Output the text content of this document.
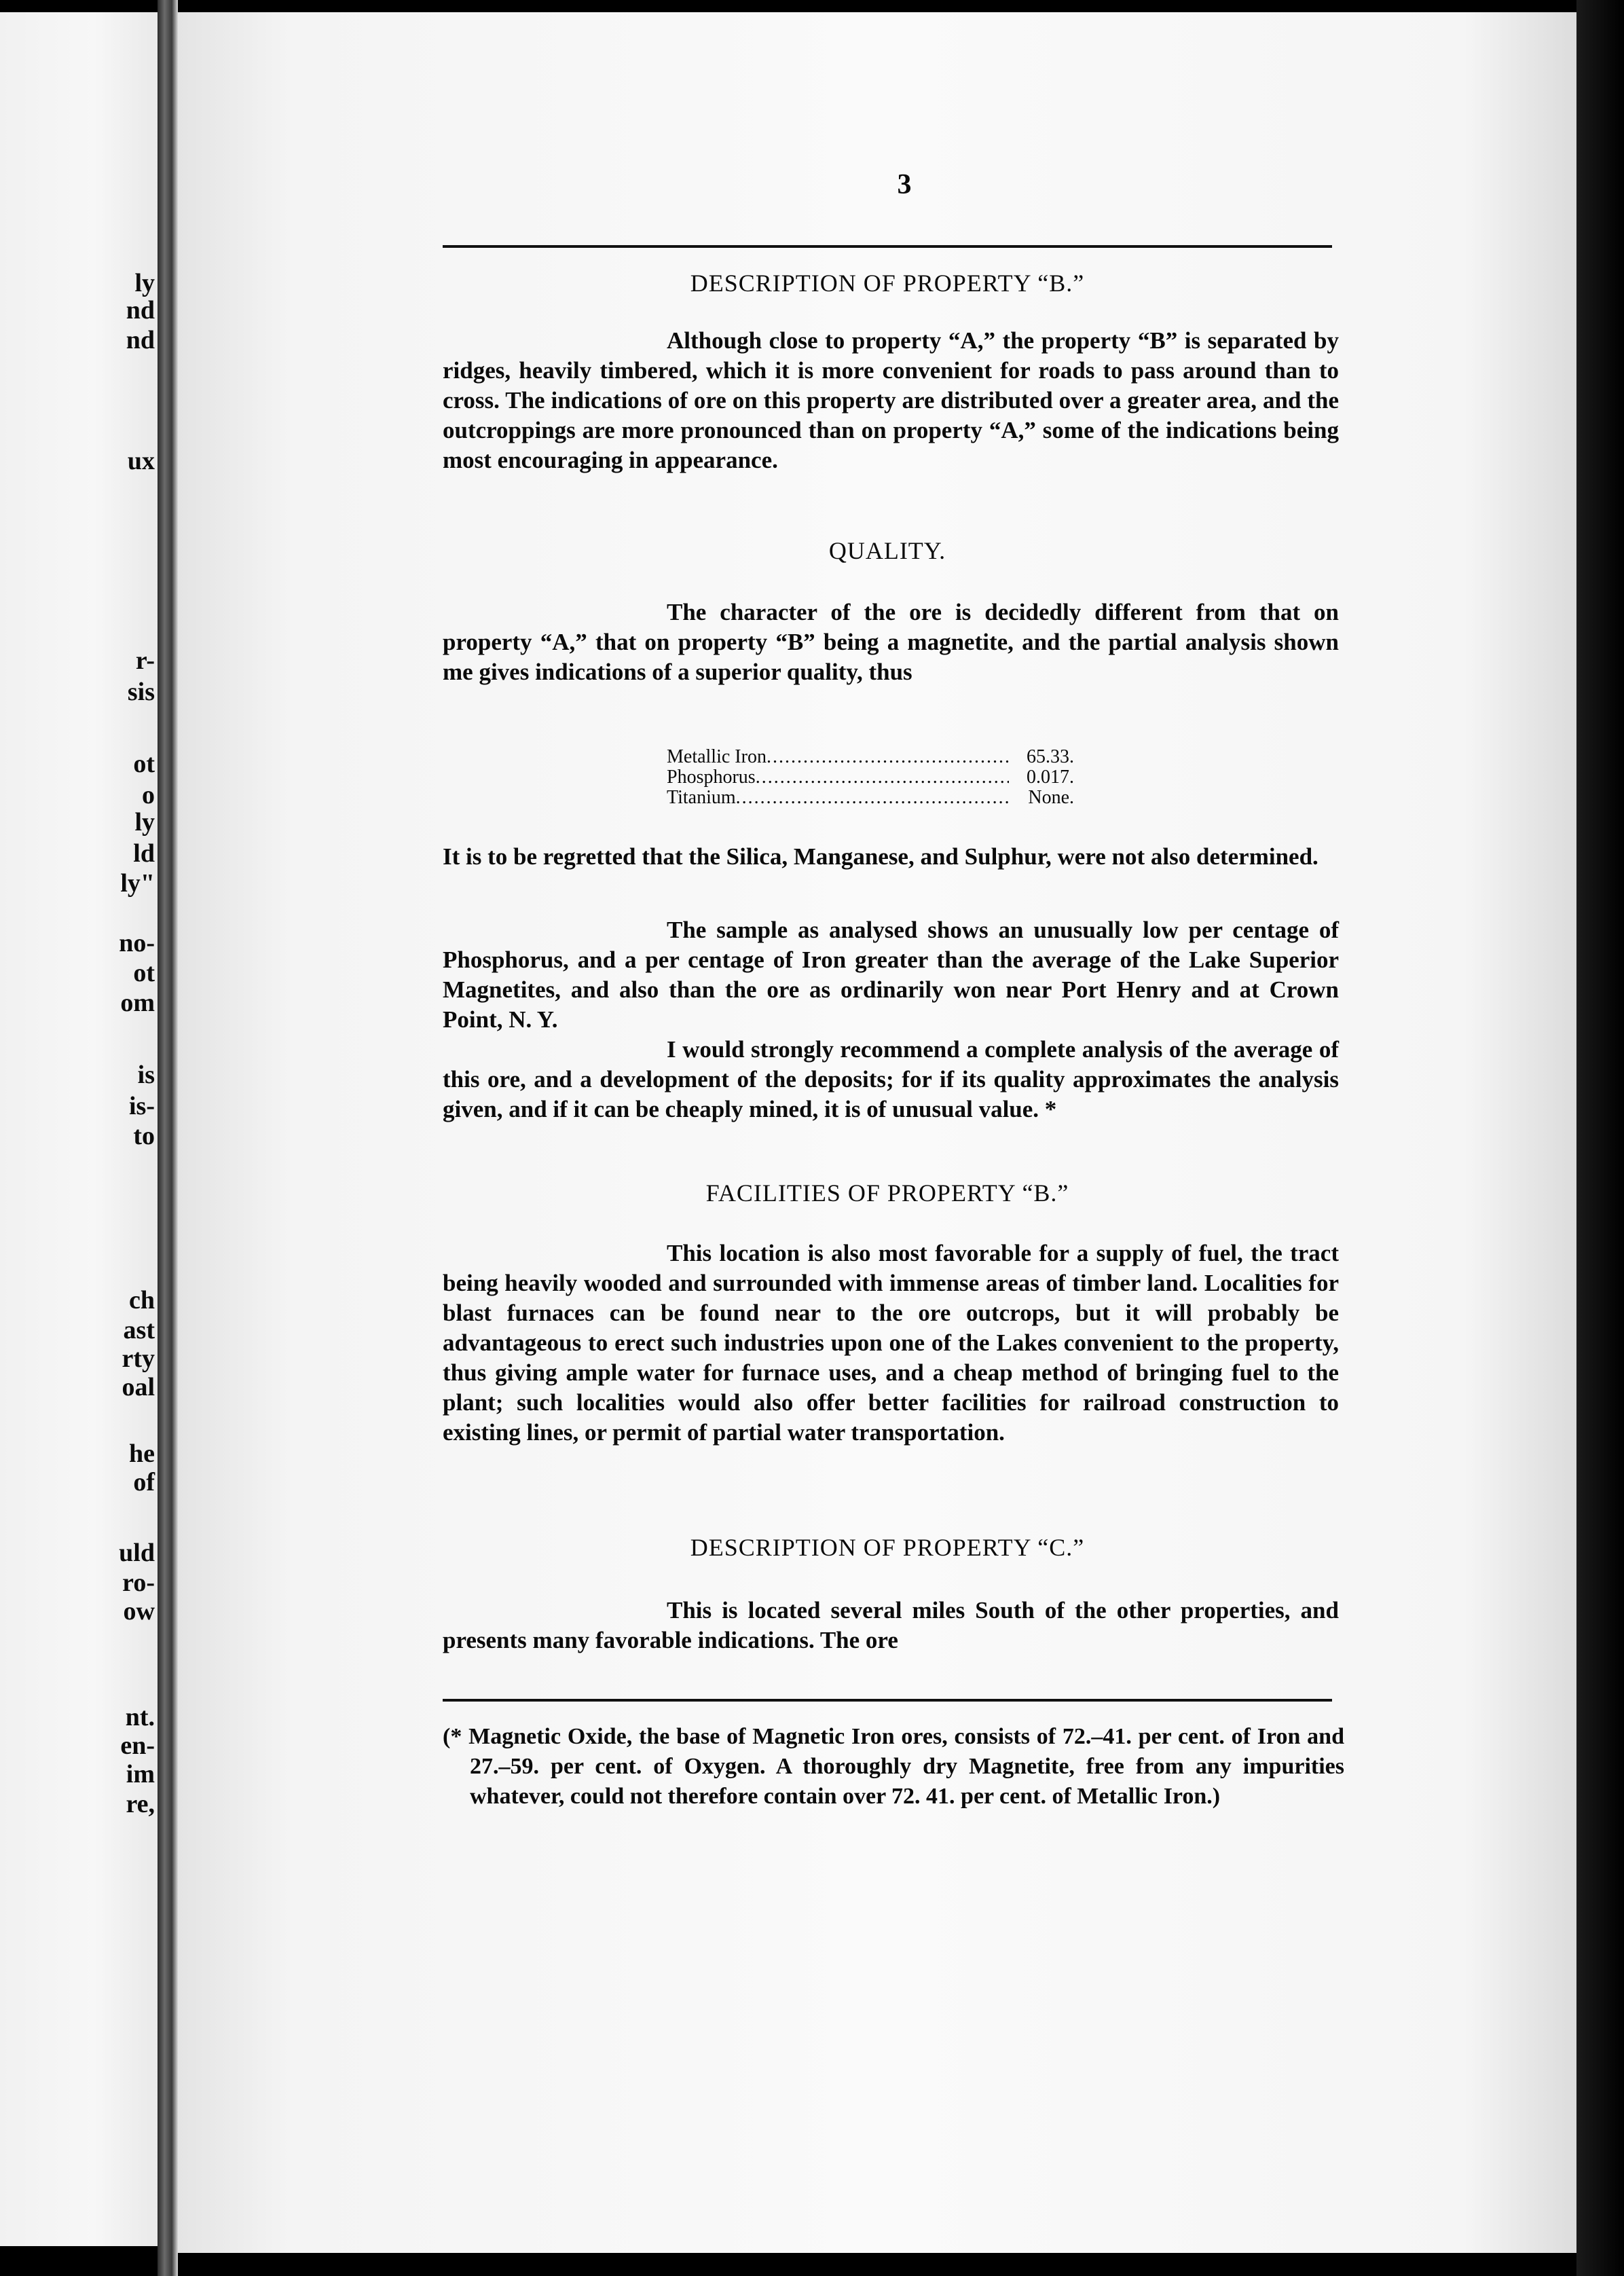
ly
nd
nd
ux
r-
sis
ot
o
ly
ld
ly"
no-
ot
om
is
is-
to
ch
ast
rty
oal
he
of
uld
ro-
ow
nt.
en-
im
re,
3
DESCRIPTION OF PROPERTY “B.”
Although close to property “A,” the property “B” is separated by ridges, heavily timbered, which it is more convenient for roads to pass around than to cross. The indications of ore on this property are distributed over a greater area, and the outcroppings are more pronounced than on property “A,” some of the indications being most encouraging in appearance.
QUALITY.
The character of the ore is decidedly different from that on property “A,” that on property “B” being a magnetite, and the partial analysis shown me gives indications of a superior quality, thus
Metallic Iron .....	65.33.
Phosphorus .....	0.017.
Titanium .....	None.
It is to be regretted that the Silica, Manganese, and Sulphur, were not also determined.
The sample as analysed shows an unusually low per centage of Phosphorus, and a per centage of Iron greater than the average of the Lake Superior Magnetites, and also than the ore as ordinarily won near Port Henry and at Crown Point, N. Y.
I would strongly recommend a complete analysis of the average of this ore, and a development of the deposits; for if its quality approximates the analysis given, and if it can be cheaply mined, it is of unusual value. *
FACILITIES OF PROPERTY “B.”
This location is also most favorable for a supply of fuel, the tract being heavily wooded and surrounded with immense areas of timber land. Localities for blast furnaces can be found near to the ore outcrops, but it will probably be advantageous to erect such industries upon one of the Lakes convenient to the property, thus giving ample water for furnace uses, and a cheap method of bringing fuel to the plant; such localities would also offer better facilities for railroad construction to existing lines, or permit of partial water transportation.
DESCRIPTION OF PROPERTY “C.”
This is located several miles South of the other properties, and presents many favorable indications. The ore
(* Magnetic Oxide, the base of Magnetic Iron ores, consists of 72.–41. per cent. of Iron and 27.–59. per cent. of Oxygen. A thoroughly dry Magnetite, free from any impurities whatever, could not therefore contain over 72. 41. per cent. of Metallic Iron.)
